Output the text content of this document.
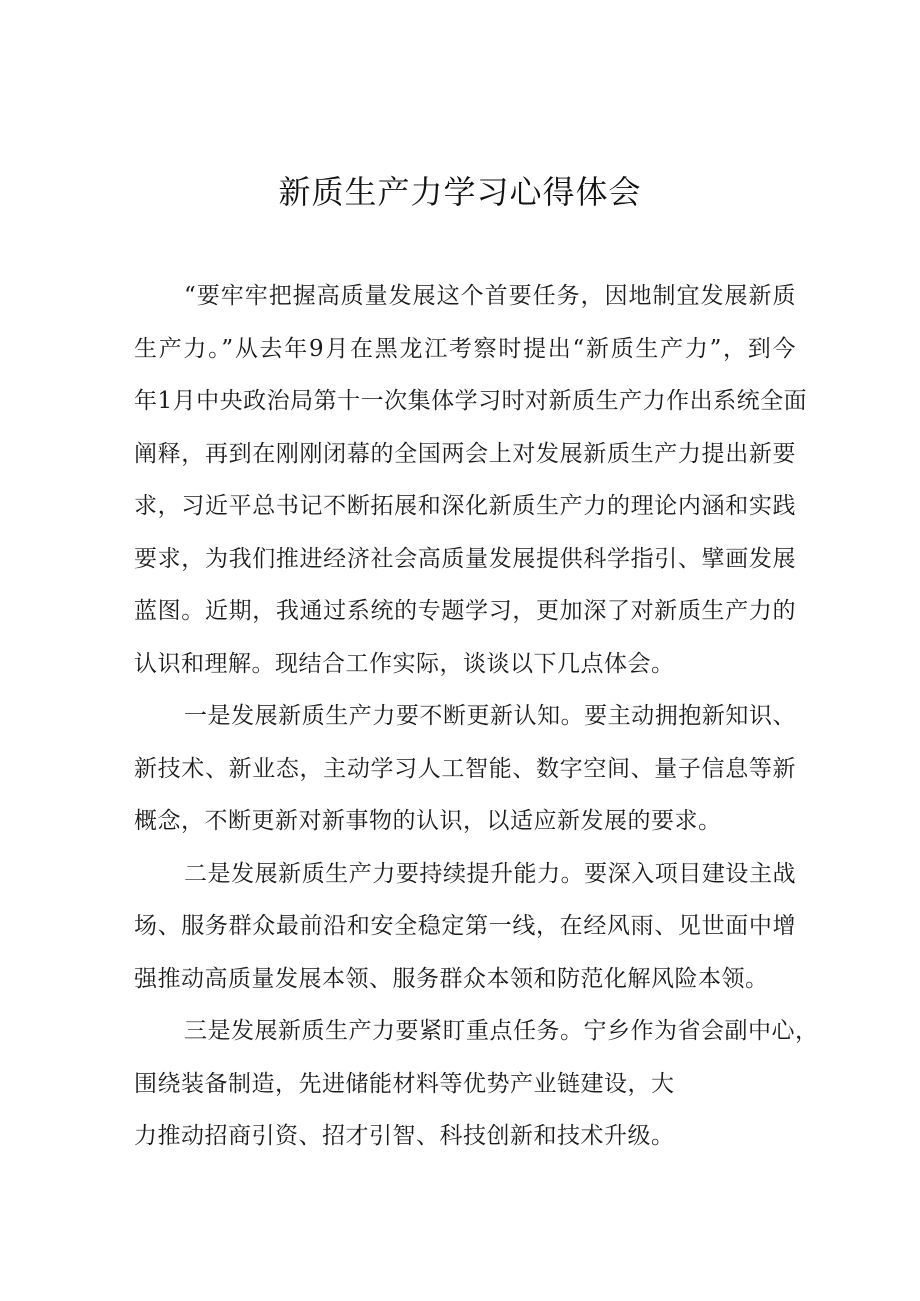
新质生产力学习心得体会
“要牢牢把握高质量发展这个首要任务，因地制宜发展新质
生产力。”从去年9月在黑龙江考察时提出“新质生产力”，到今
年1月中央政治局第十一次集体学习时对新质生产力作出系统全面
阐释，再到在刚刚闭幕的全国两会上对发展新质生产力提出新要
求，习近平总书记不断拓展和深化新质生产力的理论内涵和实践
要求，为我们推进经济社会高质量发展提供科学指引、擘画发展
蓝图。近期，我通过系统的专题学习，更加深了对新质生产力的
认识和理解。现结合工作实际，谈谈以下几点体会。
一是发展新质生产力要不断更新认知。要主动拥抱新知识、
新技术、新业态，主动学习人工智能、数字空间、量子信息等新
概念，不断更新对新事物的认识，以适应新发展的要求。
二是发展新质生产力要持续提升能力。要深入项目建设主战
场、服务群众最前沿和安全稳定第一线，在经风雨、见世面中增
强推动高质量发展本领、服务群众本领和防范化解风险本领。
三是发展新质生产力要紧盯重点任务。宁乡作为省会副中心，
围绕装备制造，先进储能材料等优势产业链建设，大
力推动招商引资、招才引智、科技创新和技术升级。
